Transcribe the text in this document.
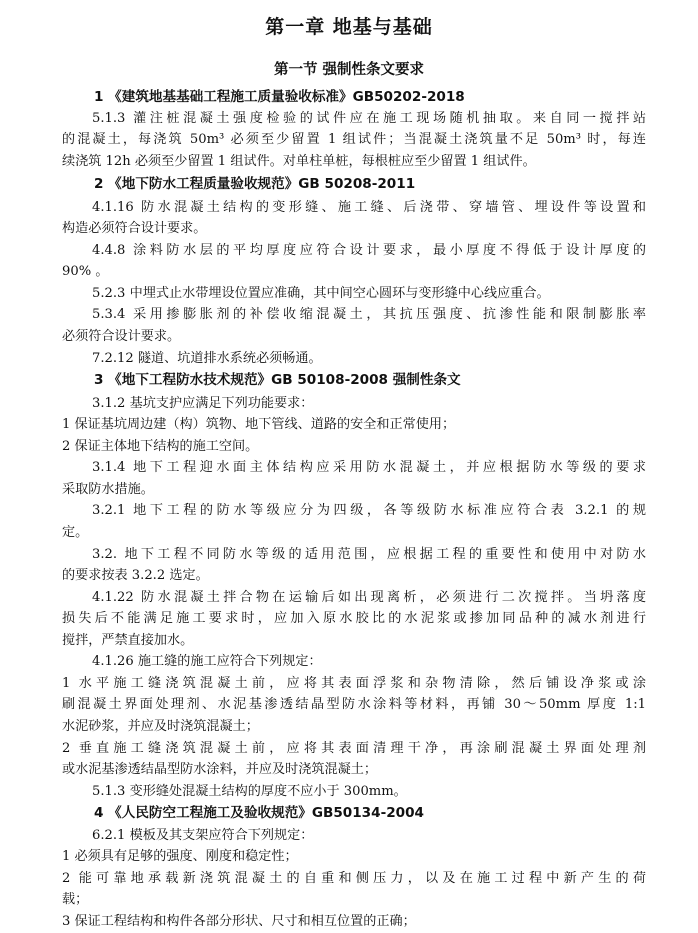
第一章 地基与基础
第一节 强制性条文要求
1 《建筑地基基础工程施工质量验收标准》GB50202-2018
5.1.3 灌注桩混凝土强度检验的试件应在施工现场随机抽取。来自同一搅拌站
的混凝土，每浇筑 50m³ 必须至少留置 1 组试件；当混凝土浇筑量不足 50m³ 时，每连
续浇筑 12h 必须至少留置 1 组试件。对单柱单桩，每根桩应至少留置 1 组试件。
2 《地下防水工程质量验收规范》GB 50208-2011
4.1.16 防水混凝土结构的变形缝、施工缝、后浇带、穿墙管、埋设件等设置和
构造必须符合设计要求。
4.4.8 涂料防水层的平均厚度应符合设计要求，最小厚度不得低于设计厚度的
90% 。
5.2.3 中埋式止水带埋设位置应准确，其中间空心圆环与变形缝中心线应重合。
5.3.4 采用掺膨胀剂的补偿收缩混凝土，其抗压强度、抗渗性能和限制膨胀率
必须符合设计要求。
7.2.12 隧道、坑道排水系统必须畅通。
3 《地下工程防水技术规范》GB 50108-2008 强制性条文
3.1.2 基坑支护应满足下列功能要求：
1 保证基坑周边建（构）筑物、地下管线、道路的安全和正常使用；
2 保证主体地下结构的施工空间。
3.1.4 地下工程迎水面主体结构应采用防水混凝土，并应根据防水等级的要求
采取防水措施。
3.2.1 地下工程的防水等级应分为四级，各等级防水标准应符合表 3.2.1 的规
定。
3.2. 地下工程不同防水等级的适用范围，应根据工程的重要性和使用中对防水
的要求按表 3.2.2 选定。
4.1.22 防水混凝土拌合物在运输后如出现离析，必须进行二次搅拌。当坍落度
损失后不能满足施工要求时，应加入原水胶比的水泥浆或掺加同品种的减水剂进行
搅拌，严禁直接加水。
4.1.26 施工缝的施工应符合下列规定：
1 水平施工缝浇筑混凝土前，应将其表面浮浆和杂物清除，然后铺设净浆或涂
刷混凝土界面处理剂、水泥基渗透结晶型防水涂料等材料，再铺 30～50mm 厚度 1:1
水泥砂浆，并应及时浇筑混凝土；
2 垂直施工缝浇筑混凝土前，应将其表面清理干净，再涂刷混凝土界面处理剂
或水泥基渗透结晶型防水涂料，并应及时浇筑混凝土；
5.1.3 变形缝处混凝土结构的厚度不应小于 300mm。
4 《人民防空工程施工及验收规范》GB50134-2004
6.2.1 模板及其支架应符合下列规定：
1 必须具有足够的强度、刚度和稳定性；
2 能可靠地承载新浇筑混凝土的自重和侧压力，以及在施工过程中新产生的荷
载；
3 保证工程结构和构件各部分形状、尺寸和相互位置的正确；
